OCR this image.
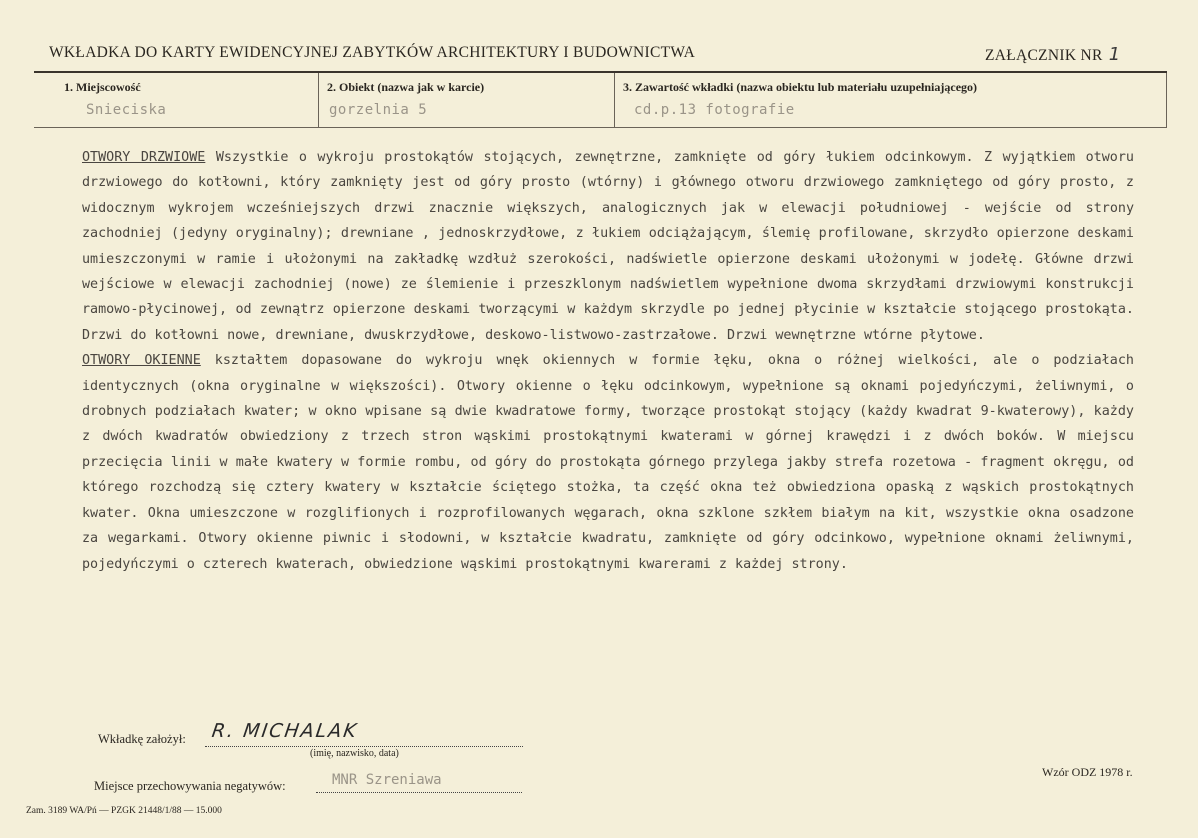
WKŁADKA DO KARTY EWIDENCYJNEJ ZABYTKÓW ARCHITEKTURY I BUDOWNICTWA	ZAŁĄCZNIK NR 1
1. Miejscowość
Snieciska
2. Obiekt (nazwa jak w karcie)
gorzelnia 5
3. Zawartość wkładki (nazwa obiektu lub materiału uzupełniającego)
cd.p.13 fotografie

OTWORY DRZWIOWE Wszystkie o wykroju prostokątów stojących, zewnętrzne, zamknięte od góry łukiem odcinkowym. Z wyjątkiem otworu drzwiowego do kotłowni, który zamknięty jest od góry prosto (wtórny) i głównego otworu drzwiowego zamkniętego od góry prosto, z widocznym wykrojem wcześniejszych drzwi znacznie większych, analogicznych jak w elewacji południowej - wejście od strony zachodniej (jedyny oryginalny); drewniane , jednoskrzydłowe, z łukiem odciążającym, ślemię profilowane, skrzydło opierzone deskami umieszczonymi w ramie i ułożonymi na zakładkę wzdłuż szerokości, nadświetle opierzone deskami ułożonymi w jodełę. Główne drzwi wejściowe w elewacji zachodniej (nowe) ze ślemienie i przeszklonym nadświetlem wypełnione dwoma skrzydłami drzwiowymi konstrukcji ramowo-płycinowej, od zewnątrz opierzone deskami tworzącymi w każdym skrzydle po jednej płycinie w kształcie stojącego prostokąta. Drzwi do kotłowni nowe, drewniane, dwuskrzydłowe, deskowo-listwowo-zastrzałowe. Drzwi wewnętrzne wtórne płytowe.

OTWORY OKIENNE kształtem dopasowane do wykroju wnęk okiennych w formie łęku, okna o różnej wielkości, ale o podziałach identycznych (okna oryginalne w większości). Otwory okienne o łęku odcinkowym, wypełnione są oknami pojedyńczymi, żeliwnymi, o drobnych podziałach kwater; w okno wpisane są dwie kwadratowe formy, tworzące prostokąt stojący (każdy kwadrat 9-kwaterowy), każdy z dwóch kwadratów obwiedziony z trzech stron wąskimi prostokątnymi kwaterami w górnej krawędzi i z dwóch boków. W miejscu przecięcia linii w małe kwatery w formie rombu, od góry do prostokąta górnego przylega jakby strefa rozetowa - fragment okręgu, od którego rozchodzą się cztery kwatery w kształcie ściętego stożka, ta część okna też obwiedziona opaską z wąskich prostokątnych kwater. Okna umieszczone w rozglifionych i rozprofilowanych węgarach, okna szklone szkłem białym na kit, wszystkie okna osadzone za wegarkami. Otwory okienne piwnic i słodowni, w kształcie kwadratu, zamknięte od góry odcinkowo, wypełnione oknami żeliwnymi, pojedyńczymi o czterech kwaterach, obwiedzione wąskimi prostokątnymi kwarerami z każdej strony.

Wkładkę założył: R. MICHALAK
(imię, nazwisko, data)
Miejsce przechowywania negatywów:	MNR Szreniawa	Wzór ODZ 1978 r.
Zam. 3189 WA/Pń — PZGK 21448/1/88 — 15.000
